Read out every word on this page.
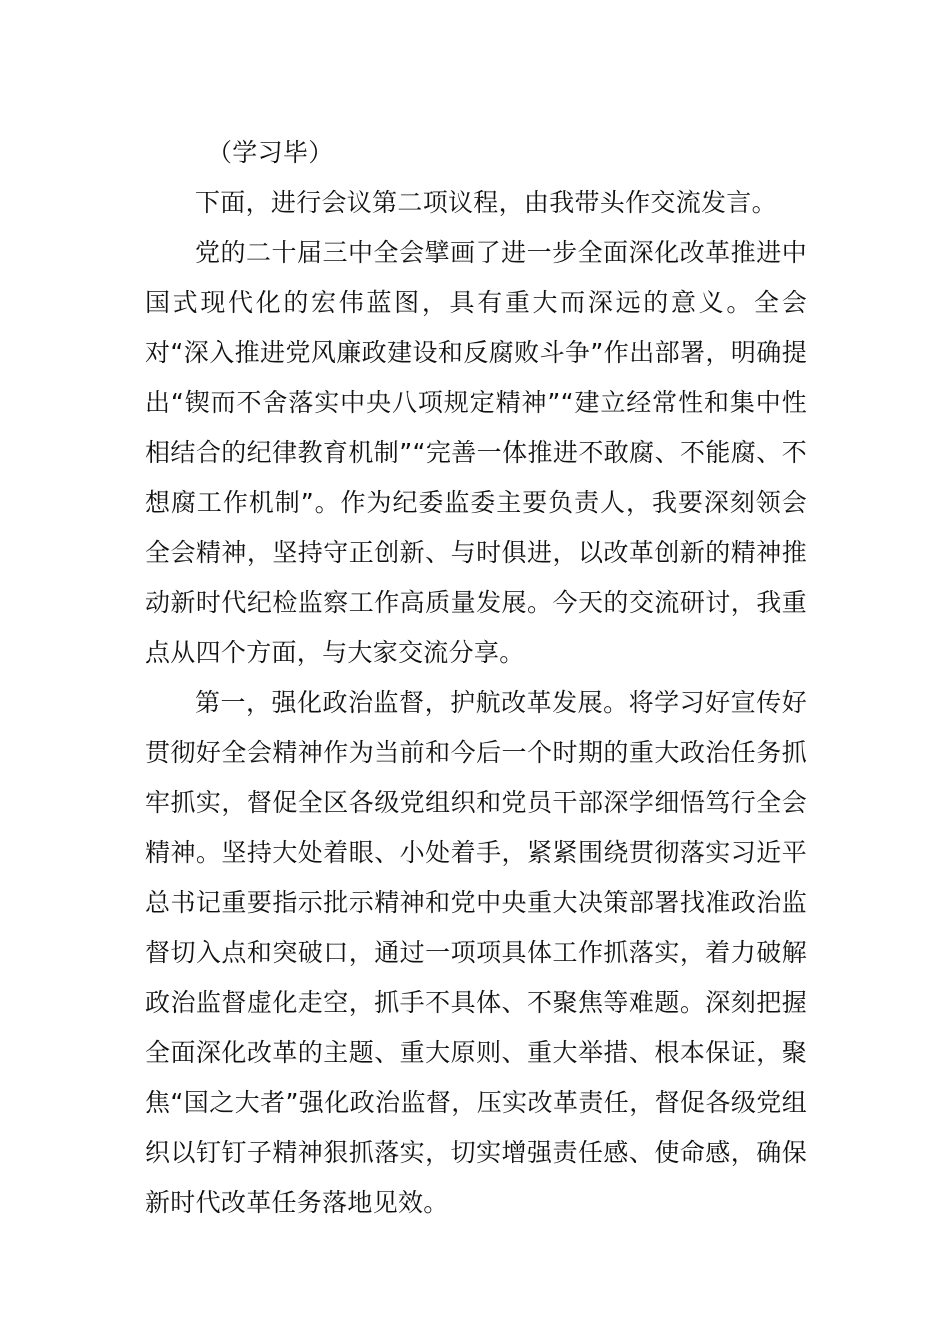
（学习毕）

下面，进行会议第二项议程，由我带头作交流发言。

党的二十届三中全会擘画了进一步全面深化改革推进中国式现代化的宏伟蓝图，具有重大而深远的意义。全会对“深入推进党风廉政建设和反腐败斗争”作出部署，明确提出“锲而不舍落实中央八项规定精神”“建立经常性和集中性相结合的纪律教育机制”“完善一体推进不敢腐、不能腐、不想腐工作机制”。作为纪委监委主要负责人，我要深刻领会全会精神，坚持守正创新、与时俱进，以改革创新的精神推动新时代纪检监察工作高质量发展。今天的交流研讨，我重点从四个方面，与大家交流分享。

第一，强化政治监督，护航改革发展。将学习好宣传好贯彻好全会精神作为当前和今后一个时期的重大政治任务抓牢抓实，督促全区各级党组织和党员干部深学细悟笃行全会精神。坚持大处着眼、小处着手，紧紧围绕贯彻落实习近平总书记重要指示批示精神和党中央重大决策部署找准政治监督切入点和突破口，通过一项项具体工作抓落实，着力破解政治监督虚化走空，抓手不具体、不聚焦等难题。深刻把握全面深化改革的主题、重大原则、重大举措、根本保证，聚焦“国之大者”强化政治监督，压实改革责任，督促各级党组织以钉钉子精神狠抓落实，切实增强责任感、使命感，确保新时代改革任务落地见效。
